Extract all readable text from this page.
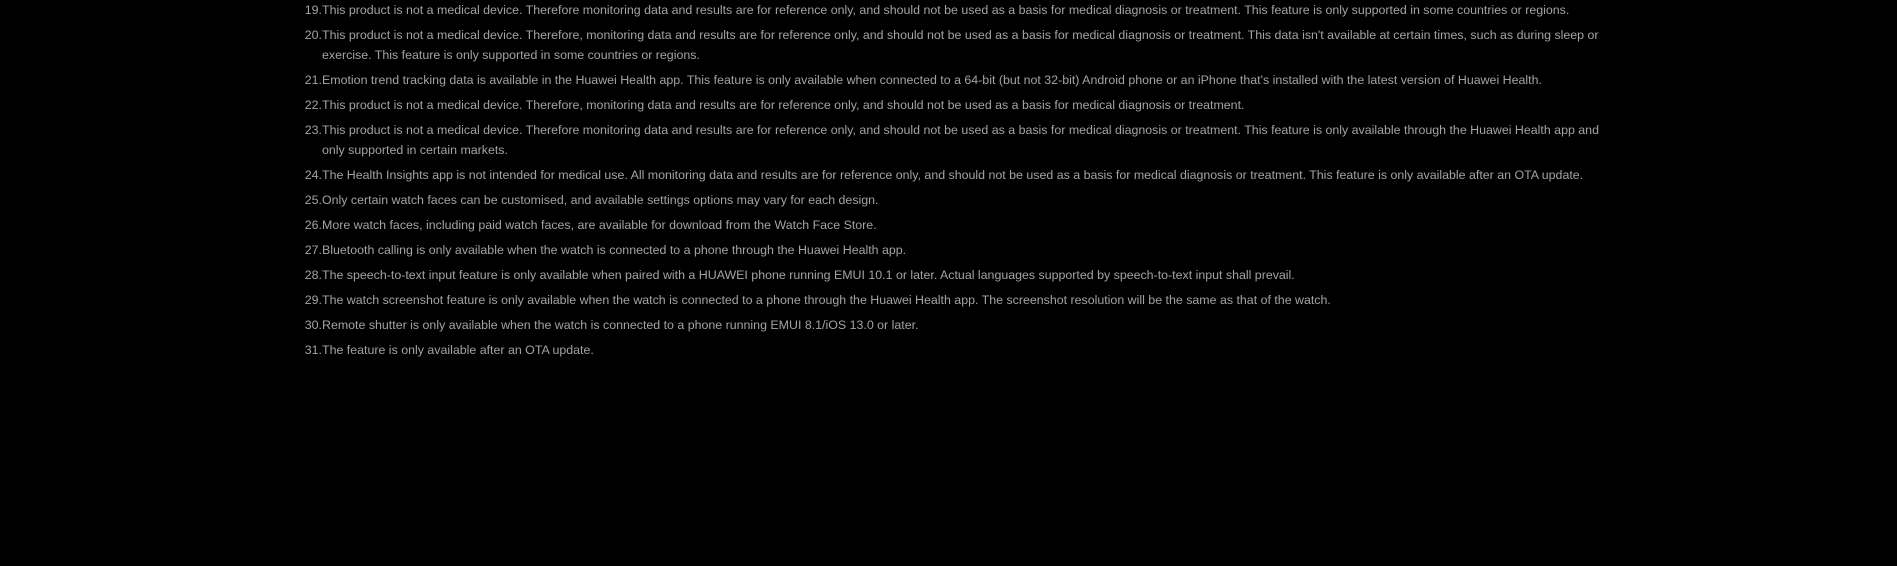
19. This product is not a medical device. Therefore monitoring data and results are for reference only, and should not be used as a basis for medical diagnosis or treatment. This feature is only supported in some countries or regions.
20. This product is not a medical device. Therefore, monitoring data and results are for reference only, and should not be used as a basis for medical diagnosis or treatment. This data isn't available at certain times, such as during sleep or exercise. This feature is only supported in some countries or regions.
21. Emotion trend tracking data is available in the Huawei Health app. This feature is only available when connected to a 64-bit (but not 32-bit) Android phone or an iPhone that's installed with the latest version of Huawei Health.
22. This product is not a medical device. Therefore, monitoring data and results are for reference only, and should not be used as a basis for medical diagnosis or treatment.
23. This product is not a medical device. Therefore monitoring data and results are for reference only, and should not be used as a basis for medical diagnosis or treatment. This feature is only available through the Huawei Health app and only supported in certain markets.
24. The Health Insights app is not intended for medical use. All monitoring data and results are for reference only, and should not be used as a basis for medical diagnosis or treatment. This feature is only available after an OTA update.
25. Only certain watch faces can be customised, and available settings options may vary for each design.
26. More watch faces, including paid watch faces, are available for download from the Watch Face Store.
27. Bluetooth calling is only available when the watch is connected to a phone through the Huawei Health app.
28. The speech-to-text input feature is only available when paired with a HUAWEI phone running EMUI 10.1 or later. Actual languages supported by speech-to-text input shall prevail.
29. The watch screenshot feature is only available when the watch is connected to a phone through the Huawei Health app. The screenshot resolution will be the same as that of the watch.
30. Remote shutter is only available when the watch is connected to a phone running EMUI 8.1/iOS 13.0 or later.
31. The feature is only available after an OTA update.
